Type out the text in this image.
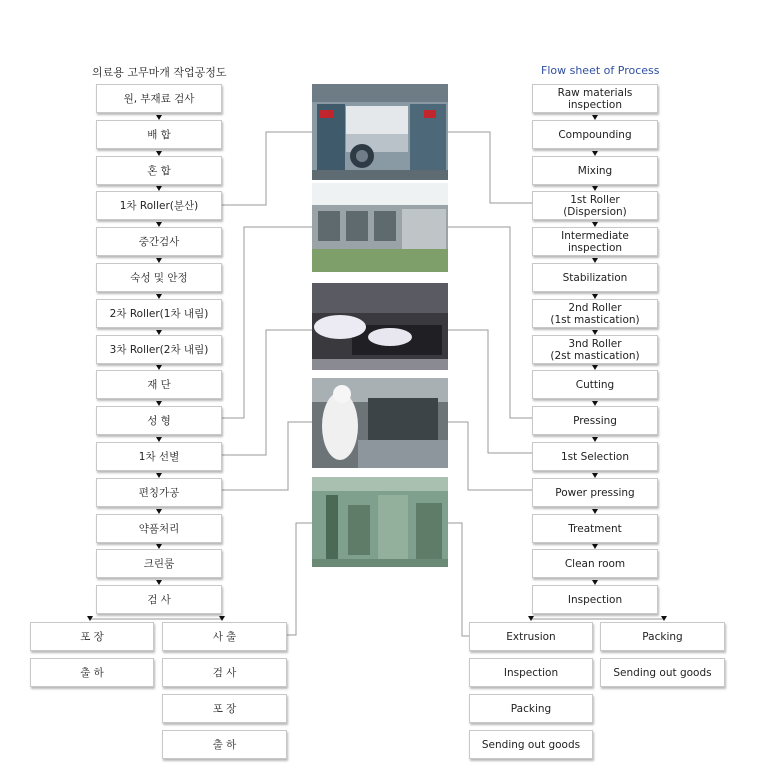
의료용 고무마개 작업공정도	Flow sheet of Process
원, 부재료 검사
배 합
혼 합
1차 Roller(분산)
중간검사
숙성 및 안정
2차 Roller(1차 내림)
3차 Roller(2차 내림)
재 단
성 형
1차 선별
편칭가공
약품처리
크린룸
검 사
Raw materials
inspection
Compounding
Mixing
1st Roller
(Dispersion)
Intermediate
inspection
Stabilization
2nd Roller
(1st mastication)
3nd Roller
(2st mastication)
Cutting
Pressing
1st Selection
Power pressing
Treatment
Clean room
Inspection
포 장
출 하
사 출
검 사
포 장
출 하
Extrusion
Inspection
Packing
Sending out goods
Packing
Sending out goods
